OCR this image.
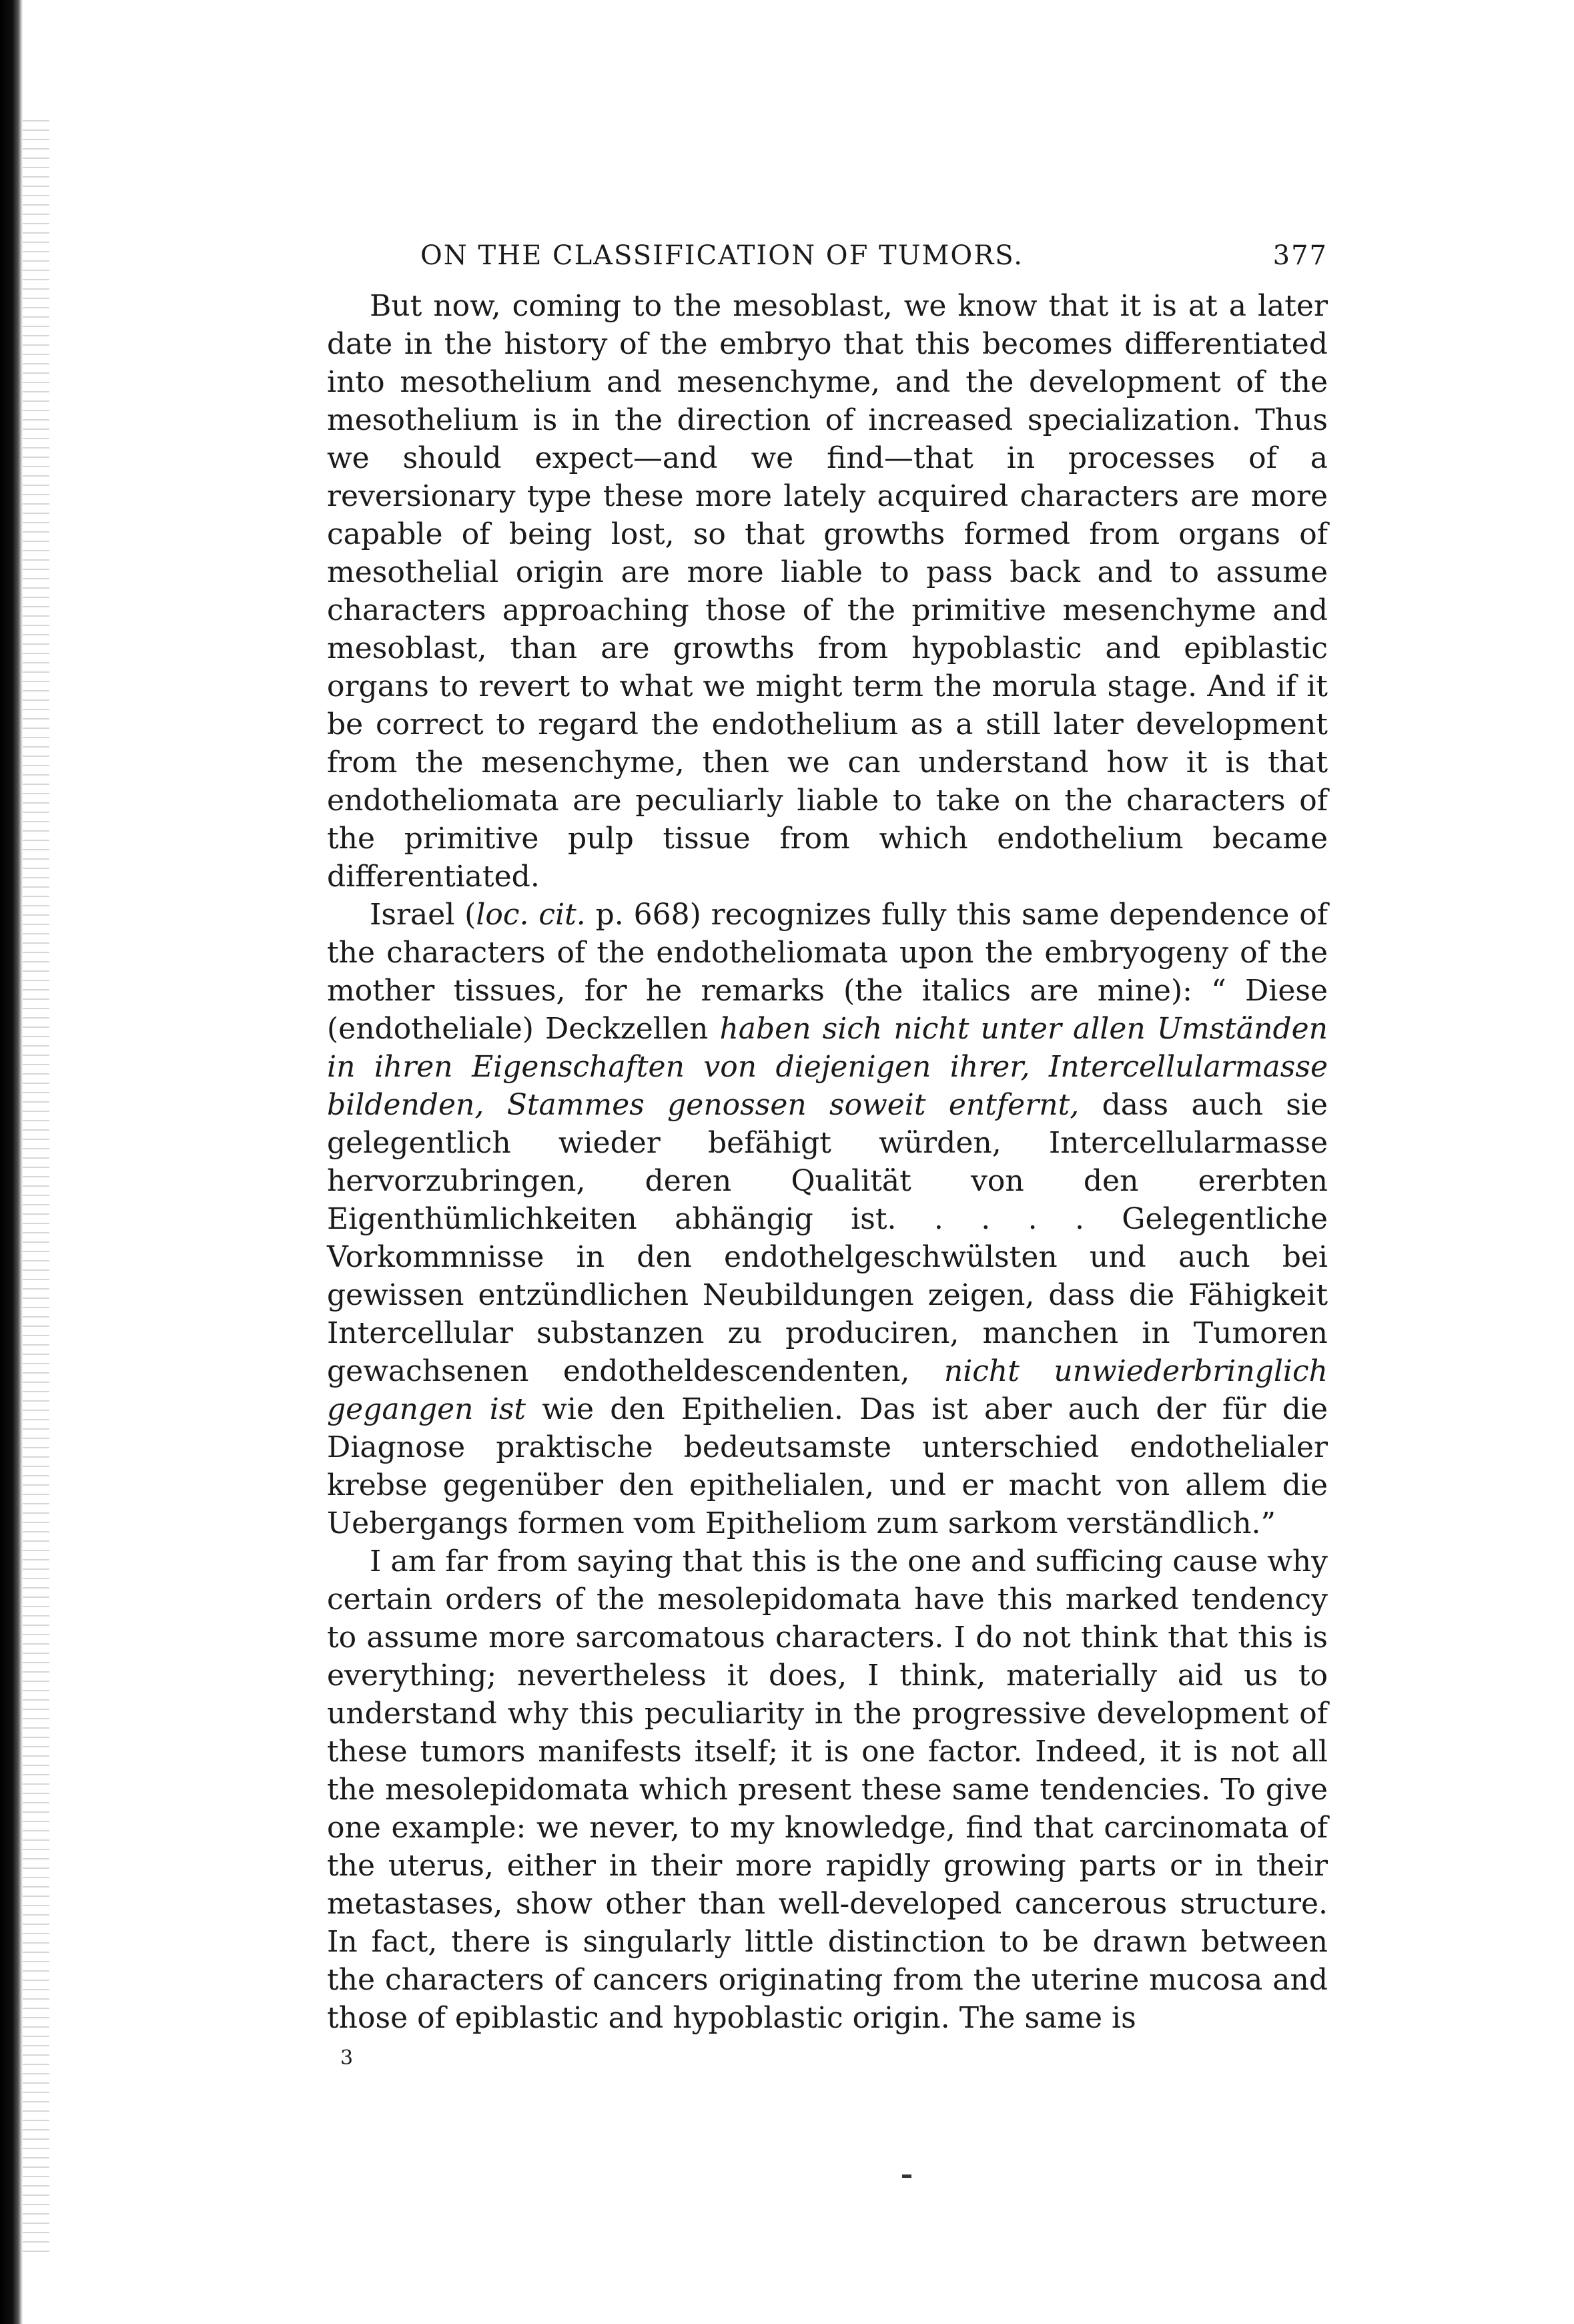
ON THE CLASSIFICATION OF TUMORS.	377

But now, coming to the mesoblast, we know that it is at a later date in the history of the embryo that this becomes differentiated into mesothelium and mesenchyme, and the development of the mesothelium is in the direction of increased specialization. Thus we should expect—and we find—that in processes of a reversionary type these more lately acquired characters are more capable of being lost, so that growths formed from organs of mesothelial origin are more liable to pass back and to assume characters approaching those of the primitive mesenchyme and mesoblast, than are growths from hypoblastic and epiblastic organs to revert to what we might term the morula stage. And if it be correct to regard the endothelium as a still later development from the mesenchyme, then we can understand how it is that endotheliomata are peculiarly liable to take on the characters of the primitive pulp tissue from which endothelium became differentiated.

Israel (loc. cit. p. 668) recognizes fully this same dependence of the characters of the endotheliomata upon the embryogeny of the mother tissues, for he remarks (the italics are mine): “ Diese (endotheliale) Deckzellen haben sich nicht unter allen Umständen in ihren Eigenschaften von diejenigen ihrer, Intercellularmasse bildenden, Stammes genossen soweit entfernt, dass auch sie gelegentlich wieder befähigt würden, Intercellularmasse hervorzubringen, deren Qualität von den ererbten Eigenthümlichkeiten abhängig ist. . . . . Gelegentliche Vorkommnisse in den endothelgeschwülsten und auch bei gewissen entzündlichen Neubildungen zeigen, dass die Fähigkeit Intercellular substanzen zu produciren, manchen in Tumoren gewachsenen endotheldescendenten, nicht unwiederbringlich gegangen ist wie den Epithelien. Das ist aber auch der für die Diagnose praktische bedeutsamste unterschied endothelialer krebse gegenüber den epithelialen, und er macht von allem die Uebergangs formen vom Epitheliom zum sarkom verständlich.”

I am far from saying that this is the one and sufficing cause why certain orders of the mesolepidomata have this marked tendency to assume more sarcomatous characters. I do not think that this is everything; nevertheless it does, I think, materially aid us to understand why this peculiarity in the progressive development of these tumors manifests itself; it is one factor. Indeed, it is not all the mesolepidomata which present these same tendencies. To give one example: we never, to my knowledge, find that carcinomata of the uterus, either in their more rapidly growing parts or in their metastases, show other than well-developed cancerous structure. In fact, there is singularly little distinction to be drawn between the characters of cancers originating from the uterine mucosa and those of epiblastic and hypoblastic origin. The same is

3
